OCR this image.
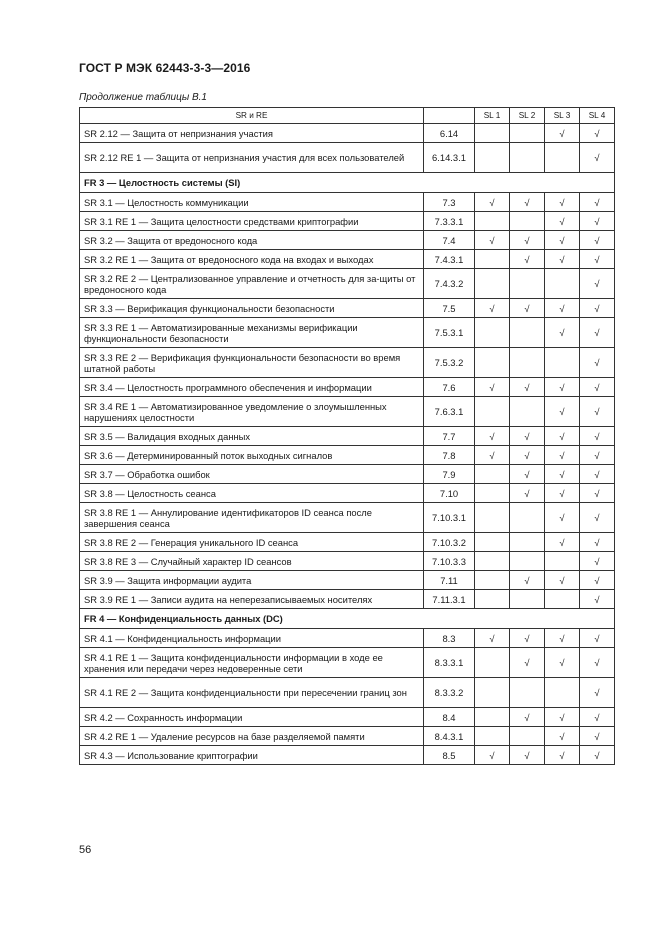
ГОСТ Р МЭК 62443-3-3—2016
Продолжение таблицы В.1
SR и RE		SL 1	SL 2	SL 3	SL 4
SR 2.12 — Защита от непризнания участия	6.14			√	√
SR 2.12 RE 1 — Защита от непризнания участия для всех пользователей	6.14.3.1				√
FR 3 — Целостность системы (SI)					
SR 3.1 — Целостность коммуникации	7.3	√	√	√	√
SR 3.1 RE 1 — Защита целостности средствами криптографии	7.3.3.1			√	√
SR 3.2 — Защита от вредоносного кода	7.4	√	√	√	√
SR 3.2 RE 1 — Защита от вредоносного кода на входах и выходах	7.4.3.1		√	√	√
SR 3.2 RE 2 — Централизованное управление и отчетность для за-щиты от вредоносного кода	7.4.3.2				√
SR 3.3 — Верификация функциональности безопасности	7.5	√	√	√	√
SR 3.3 RE 1 — Автоматизированные механизмы верификации функциональности безопасности	7.5.3.1			√	√
SR 3.3 RE 2 — Верификация функциональности безопасности во время штатной работы	7.5.3.2				√
SR 3.4 — Целостность программного обеспечения и информации	7.6	√	√	√	√
SR 3.4 RE 1 — Автоматизированное уведомление о злоумышленных нарушениях целостности	7.6.3.1			√	√
SR 3.5 — Валидация входных данных	7.7	√	√	√	√
SR 3.6 — Детерминированный поток выходных сигналов	7.8	√	√	√	√
SR 3.7 — Обработка ошибок	7.9		√	√	√
SR 3.8 — Целостность сеанса	7.10		√	√	√
SR 3.8 RE 1 — Аннулирование идентификаторов ID сеанса после завершения сеанса	7.10.3.1			√	√
SR 3.8 RE 2 — Генерация уникального ID сеанса	7.10.3.2			√	√
SR 3.8 RE 3 — Случайный характер ID сеансов	7.10.3.3				√
SR 3.9 — Защита информации аудита	7.11		√	√	√
SR 3.9 RE 1 — Записи аудита на неперезаписываемых носителях	7.11.3.1				√
FR 4 — Конфиденциальность данных (DC)					
SR 4.1 — Конфиденциальность информации	8.3	√	√	√	√
SR 4.1 RE 1 — Защита конфиденциальности информации в ходе ее хранения или передачи через недоверенные сети	8.3.3.1		√	√	√
SR 4.1 RE 2 — Защита конфиденциальности при пересечении границ зон	8.3.3.2				√
SR 4.2 — Сохранность информации	8.4		√	√	√
SR 4.2 RE 1 — Удаление ресурсов на базе разделяемой памяти	8.4.3.1			√	√
SR 4.3 — Использование криптографии	8.5	√	√	√	√
56
